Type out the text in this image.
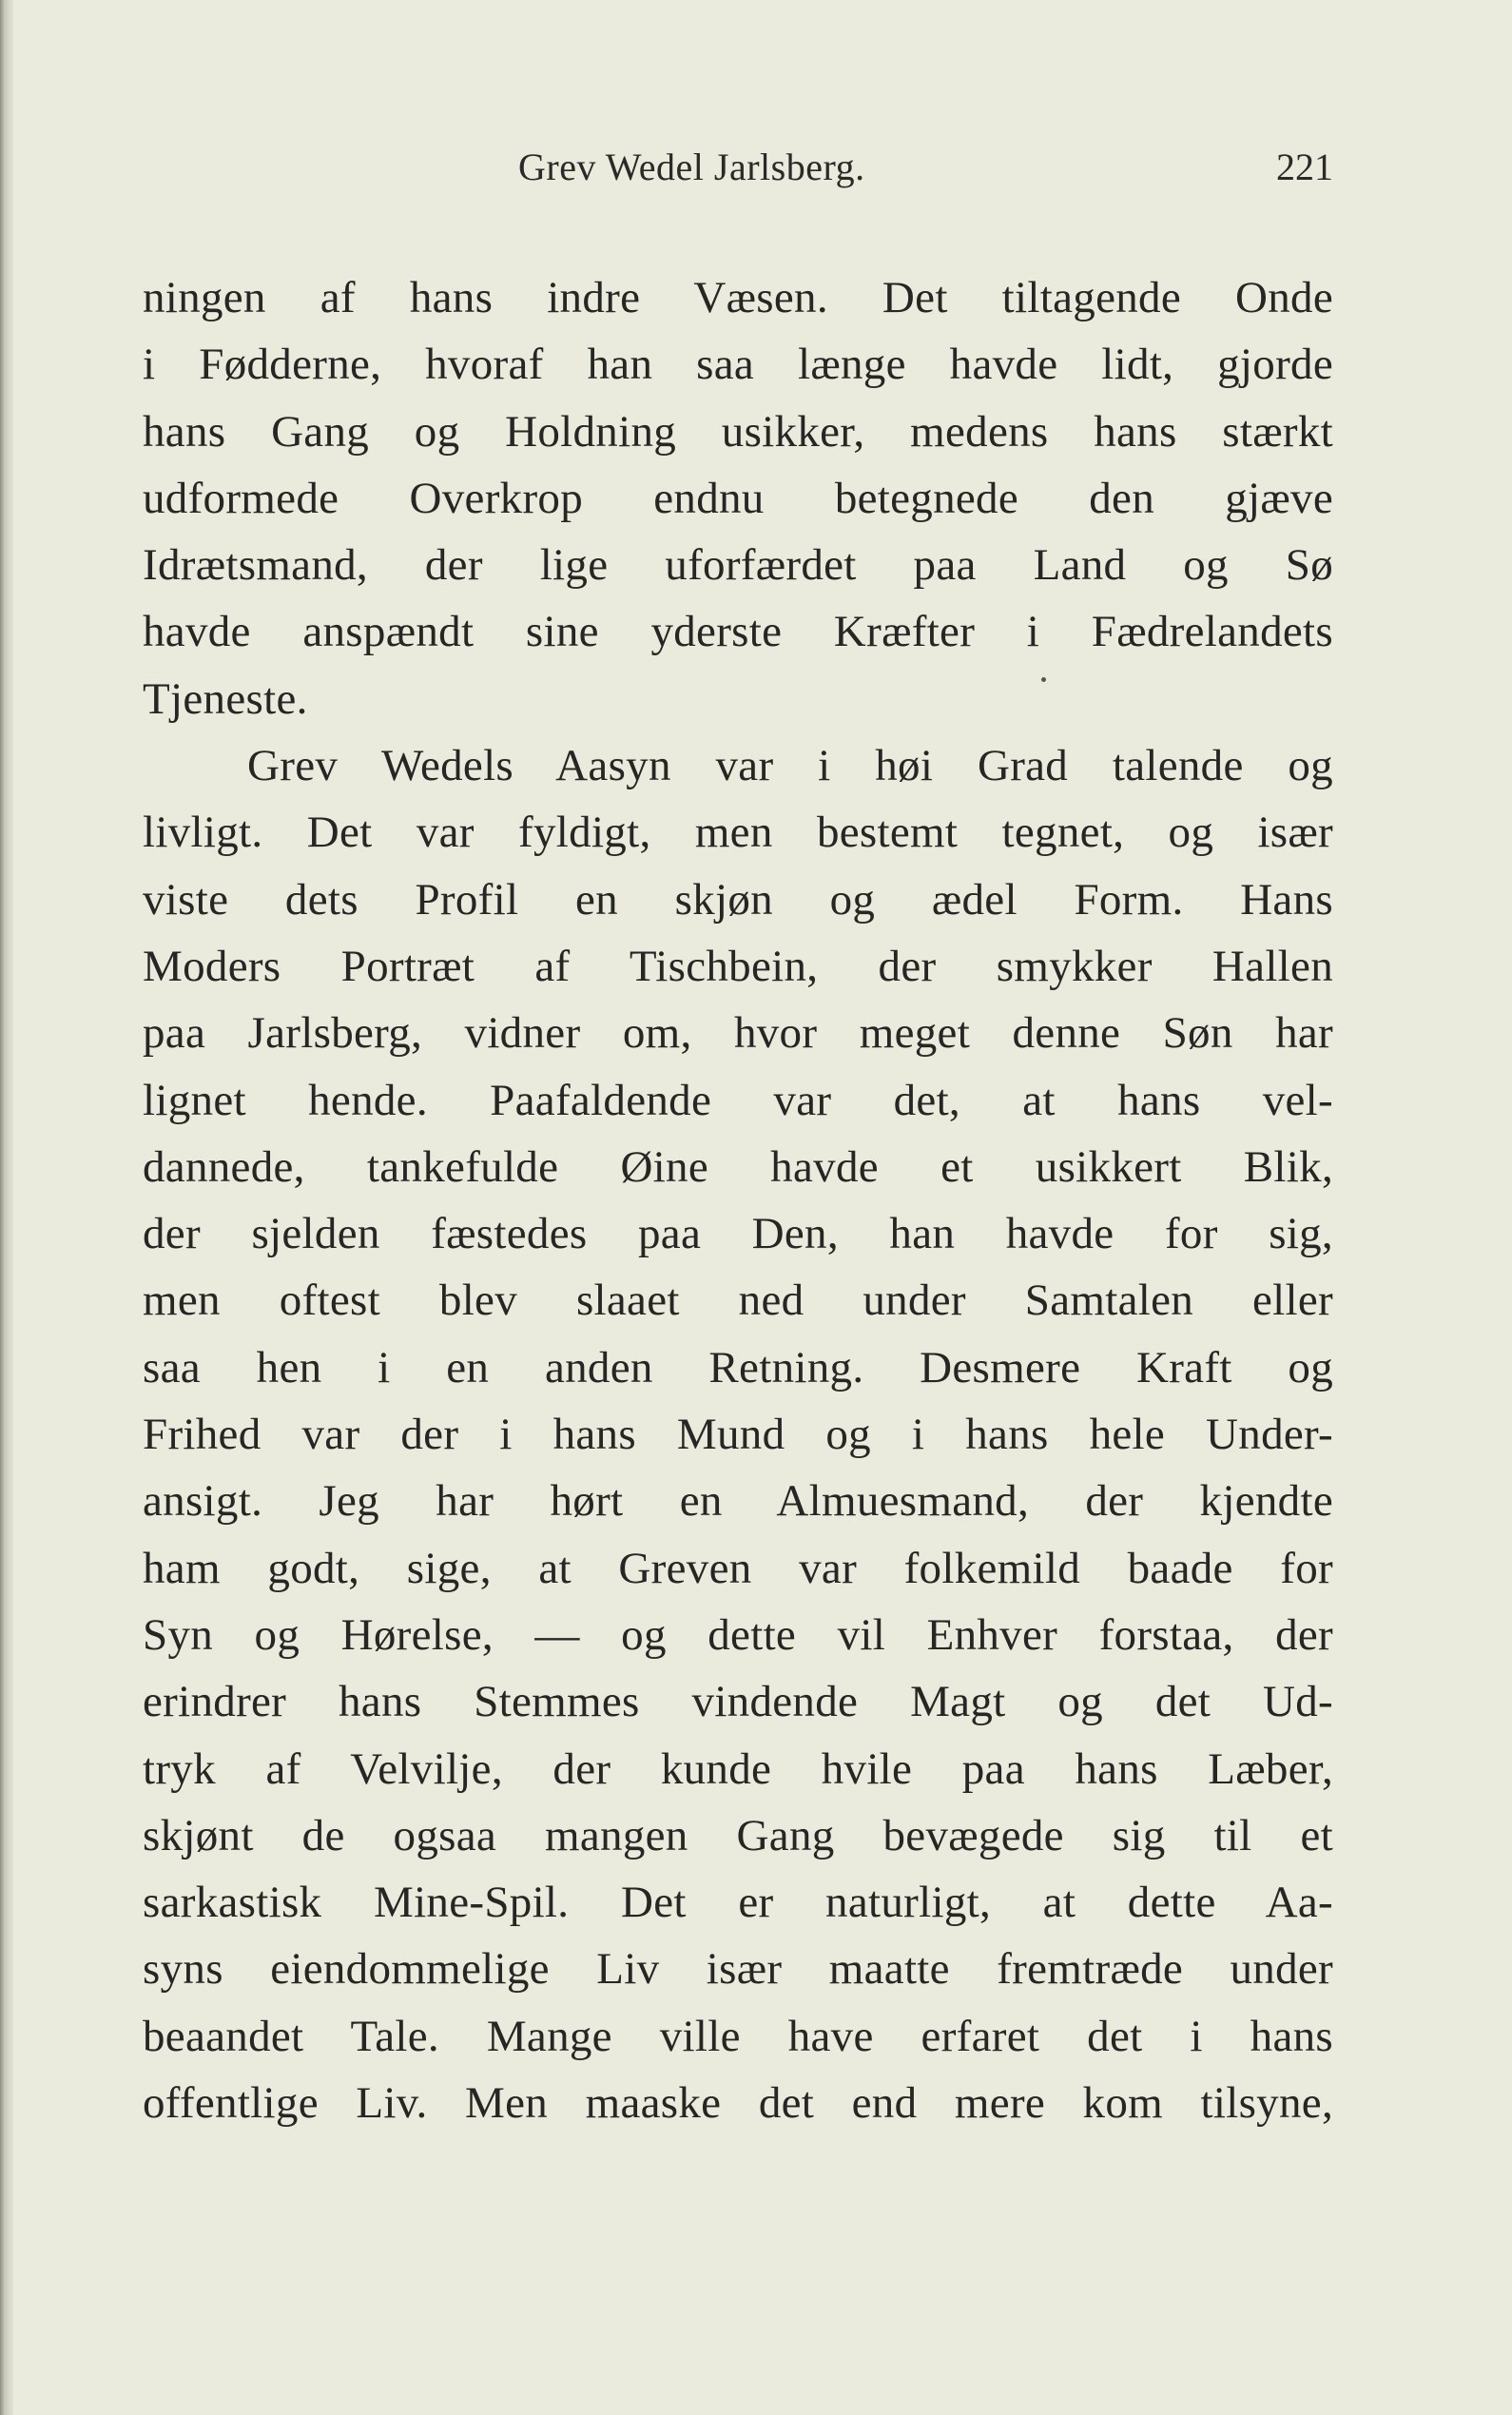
Grev Wedel Jarlsberg.	221
ningen af hans indre Væsen. Det tiltagende Onde
i Fødderne, hvoraf han saa længe havde lidt, gjorde
hans Gang og Holdning usikker, medens hans stærkt
udformede Overkrop endnu betegnede den gjæve
Idrætsmand, der lige uforfærdet paa Land og Sø
havde anspændt sine yderste Kræfter i Fædrelandets
Tjeneste.
Grev Wedels Aasyn var i høi Grad talende og
livligt. Det var fyldigt, men bestemt tegnet, og især
viste dets Profil en skjøn og ædel Form. Hans
Moders Portræt af Tischbein, der smykker Hallen
paa Jarlsberg, vidner om, hvor meget denne Søn har
lignet hende. Paafaldende var det, at hans vel-
dannede, tankefulde Øine havde et usikkert Blik,
der sjelden fæstedes paa Den, han havde for sig,
men oftest blev slaaet ned under Samtalen eller
saa hen i en anden Retning. Desmere Kraft og
Frihed var der i hans Mund og i hans hele Under-
ansigt. Jeg har hørt en Almuesmand, der kjendte
ham godt, sige, at Greven var folkemild baade for
Syn og Hørelse, — og dette vil Enhver forstaa, der
erindrer hans Stemmes vindende Magt og det Ud-
tryk af Velvilje, der kunde hvile paa hans Læber,
skjønt de ogsaa mangen Gang bevægede sig til et
sarkastisk Mine-Spil. Det er naturligt, at dette Aa-
syns eiendommelige Liv især maatte fremtræde under
beaandet Tale. Mange ville have erfaret det i hans
offentlige Liv. Men maaske det end mere kom tilsyne,
